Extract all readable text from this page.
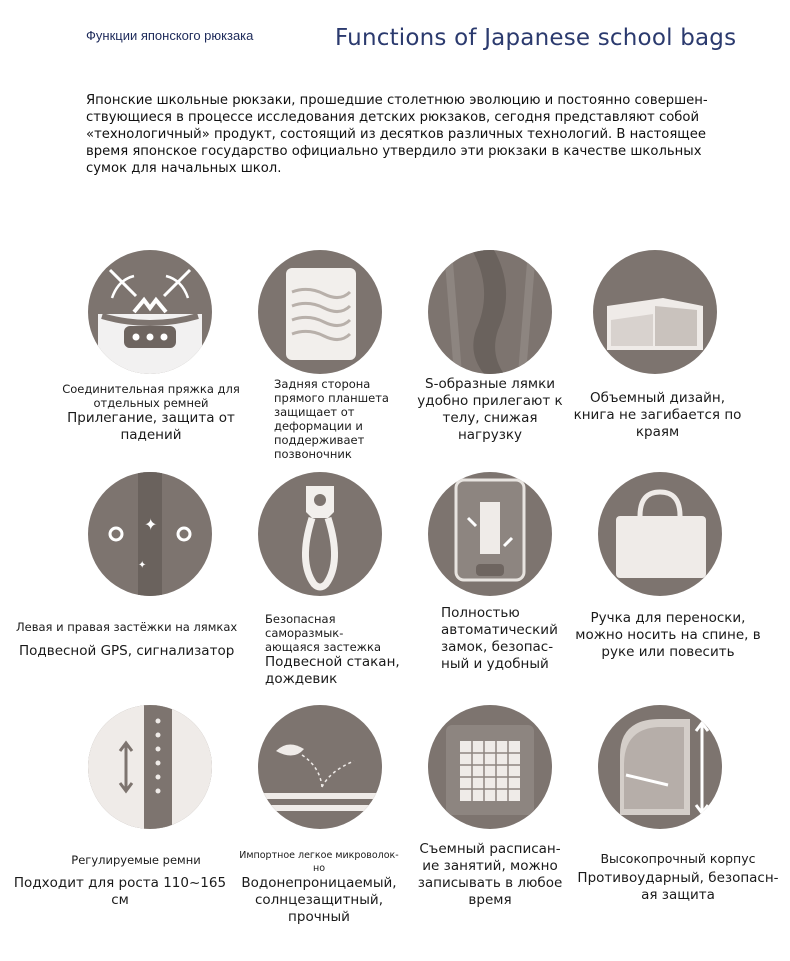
Функции японского рюкзака	Functions of Japanese school bags
Японские школьные рюкзаки, прошедшие столетнюю эволюцию и постоянно совершен-
ствующиеся в процессе исследования детских рюкзаков, сегодня представляют собой
«технологичный» продукт, состоящий из десятков различных технологий. В настоящее
время японское государство официально утвердило эти рюкзаки в качестве школьных
сумок для начальных школ.
Соединительная пряжка для
отдельных ремней
Прилегание, защита от
падений
Задняя сторона
прямого планшета
защищает от
деформации и
поддерживает
позвоночник
S-образные лямки
удобно прилегают к
телу, снижая
нагрузку
Объемный дизайн,
книга не загибается по
краям
✦
✦
Левая и правая застёжки на лямках
Подвесной GPS, сигнализатор
Безопасная саморазмык-
ающаяся застежка
Подвесной стакан,
дождевик
Полностью
автоматический
замок, безопас-
ный и удобный
Ручка для переноски,
можно носить на спине, в
руке или повесить
Регулируемые ремни
Подходит для роста 110~165
см
Импортное легкое микроволок-
но
Водонепроницаемый,
солнцезащитный, прочный
Съемный расписан-
ие занятий, можно
записывать в любое
время
Высокопрочный корпус
Противоударный, безопасн-
ая защита
